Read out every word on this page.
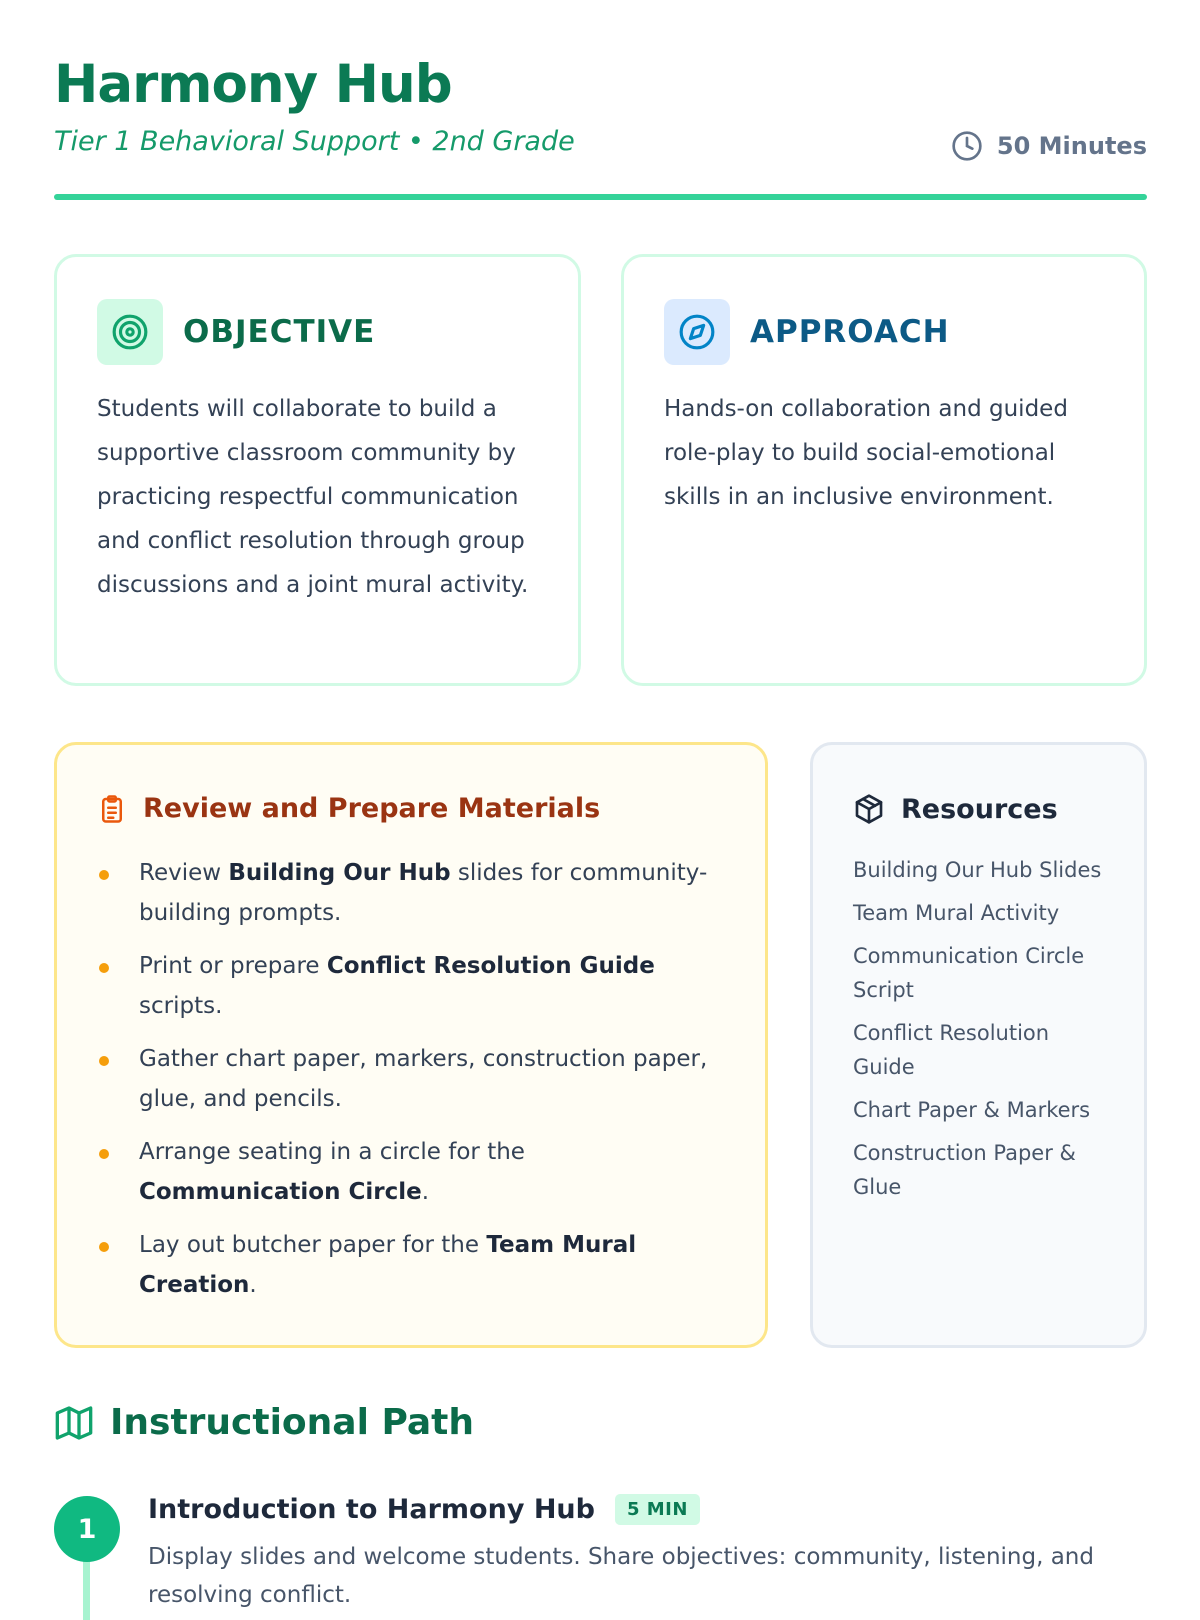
Harmony Hub
Tier 1 Behavioral Support • 2nd Grade	50 Minutes
OBJECTIVE
Students will collaborate to build a supportive classroom community by practicing respectful communication and conflict resolution through group discussions and a joint mural activity.
APPROACH
Hands-on collaboration and guided role-play to build social-emotional skills in an inclusive environment.
Review and Prepare Materials
Review Building Our Hub slides for community-building prompts.
Print or prepare Conflict Resolution Guide scripts.
Gather chart paper, markers, construction paper, glue, and pencils.
Arrange seating in a circle for the Communication Circle.
Lay out butcher paper for the Team Mural Creation.
Resources
Building Our Hub Slides
Team Mural Activity
Communication Circle Script
Conflict Resolution Guide
Chart Paper & Markers
Construction Paper & Glue
Instructional Path
1
Introduction to Harmony Hub	5 MIN
Display slides and welcome students. Share objectives: community, listening, and resolving conflict.
